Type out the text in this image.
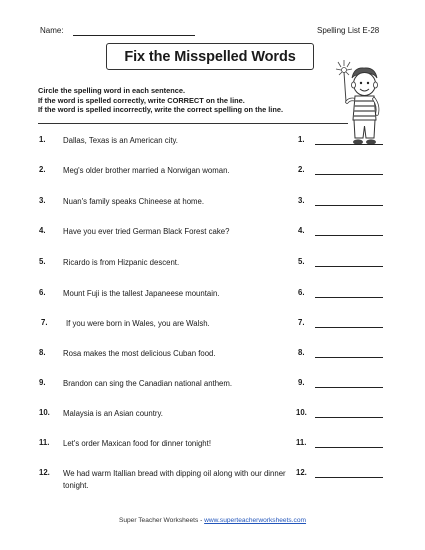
Name:	Spelling List E-28
Fix the Misspelled Words
Circle the spelling word in each sentence.
If the word is spelled correctly, write CORRECT on the line.
If the word is spelled incorrectly, write the correct spelling on the line.
1. Dallas, Texas is an American city.	1.
2. Meg's older brother married a Norwigan woman.	2.
3. Nuan's family speaks Chineese at home.	3.
4. Have you ever tried German Black Forest cake?	4.
5. Ricardo is from Hizpanic descent.	5.
6. Mount Fuji is the tallest Japaneese mountain.	6.
7. If you were born in Wales, you are Walsh.	7.
8. Rosa makes the most delicious Cuban food.	8.
9. Brandon can sing the Canadian national anthem.	9.
10. Malaysia is an Asian country.	10.
11. Let's order Maxican food for dinner tonight!	11.
12. We had warm Itallian bread with dipping oil along with our dinner tonight.
12.
Super Teacher Worksheets - www.superteacherworksheets.com
